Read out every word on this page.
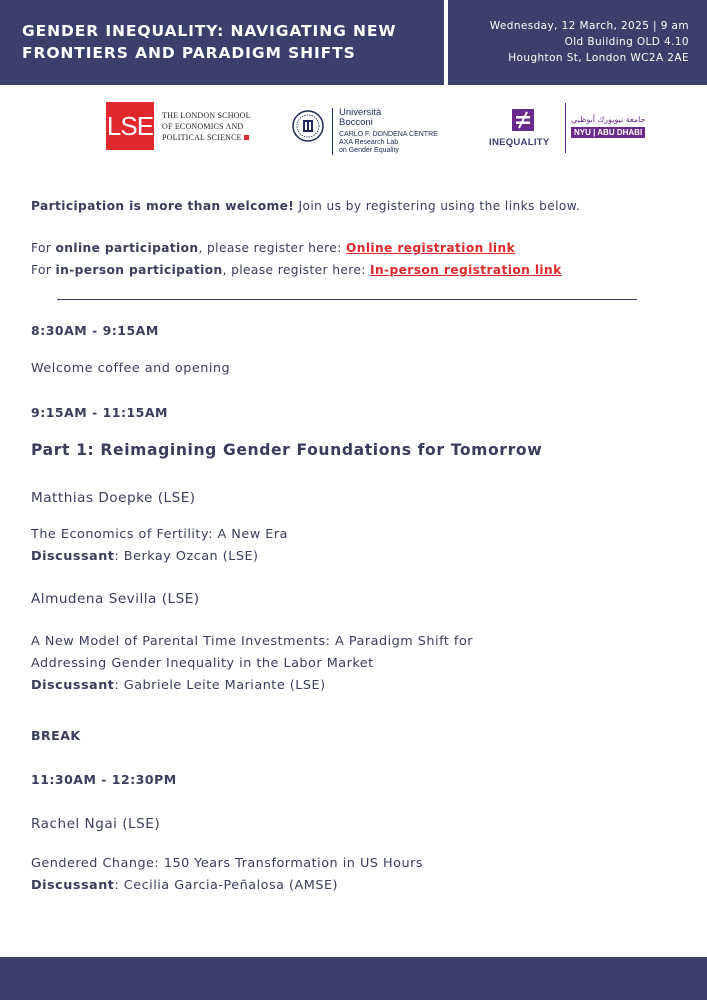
GENDER INEQUALITY: NAVIGATING NEW
FRONTIERS AND PARADIGM SHIFTS
Wednesday, 12 March, 2025 | 9 am
Old Building OLD 4.10
Houghton St, London WC2A 2AE
LSE THE LONDON SCHOOL
OF ECONOMICS AND
POLITICAL SCIENCE
Università
Bocconi
CARLO F. DONDENA CENTRE
AXA Research Lab
on Gender Equality
INEQUALITY
جامعة نيويورك أبوظبي
NYU | ABU DHABI
Participation is more than welcome! Join us by registering using the links below.
For online participation, please register here: Online registration link
For in-person participation, please register here: In-person registration link
8:30AM - 9:15AM
Welcome coffee and opening
9:15AM - 11:15AM
Part 1: Reimagining Gender Foundations for Tomorrow
Matthias Doepke (LSE)
The Economics of Fertility: A New Era
Discussant: Berkay Ozcan (LSE)
Almudena Sevilla (LSE)
A New Model of Parental Time Investments: A Paradigm Shift for
Addressing Gender Inequality in the Labor Market
Discussant: Gabriele Leite Mariante (LSE)
BREAK
11:30AM - 12:30PM
Rachel Ngai (LSE)
Gendered Change: 150 Years Transformation in US Hours
Discussant: Cecilia Garcia-Peñalosa (AMSE)
